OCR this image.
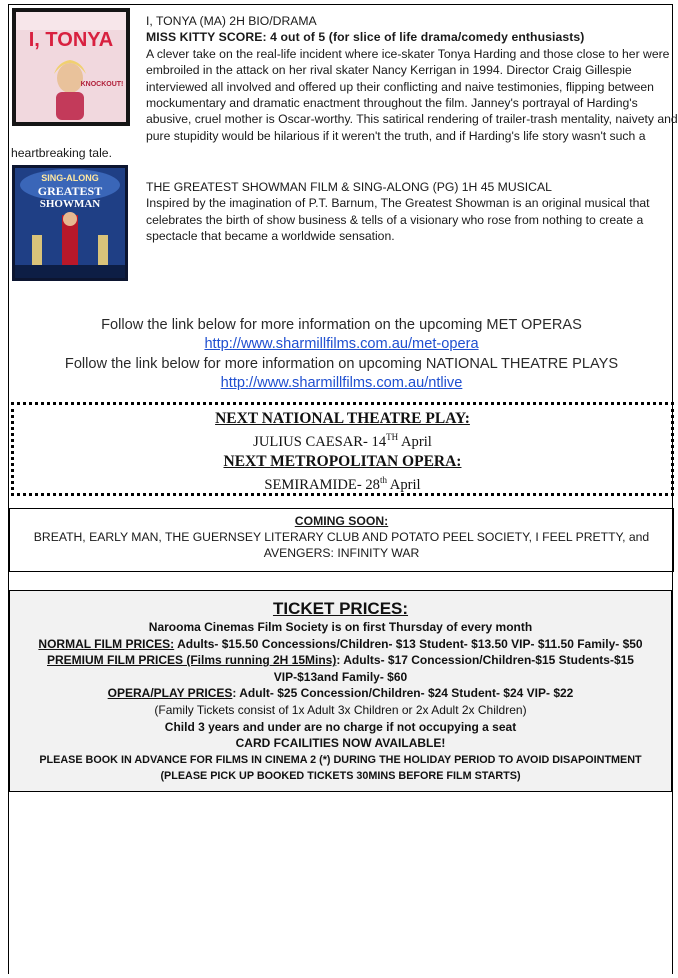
I, TONYA
KNOCKOUT!
SING-ALONG
GREATEST
SHOWMAN
I, TONYA (MA) 2H BIO/DRAMA
MISS KITTY SCORE: 4 out of 5 (for slice of life drama/comedy enthusiasts)
A clever take on the real-life incident where ice-skater Tonya Harding and those close to her were
embroiled in the attack on her rival skater Nancy Kerrigan in 1994. Director Craig Gillespie
interviewed all involved and offered up their conflicting and naive testimonies, flipping between
mockumentary and dramatic enactment throughout the film. Janney's portrayal of Harding's
abusive, cruel mother is Oscar-worthy. This satirical rendering of trailer-trash mentality, naivety and
pure stupidity would be hilarious if it weren't the truth, and if Harding's life story wasn't such a
heartbreaking tale.
THE GREATEST SHOWMAN FILM & SING-ALONG (PG) 1H 45 MUSICAL
Inspired by the imagination of P.T. Barnum, The Greatest Showman is an original musical that
celebrates the birth of show business & tells of a visionary who rose from nothing to create a
spectacle that became a worldwide sensation.
Follow the link below for more information on the upcoming MET OPERAS
http://www.sharmillfilms.com.au/met-opera
Follow the link below for more information on upcoming NATIONAL THEATRE PLAYS
http://www.sharmillfilms.com.au/ntlive
NEXT NATIONAL THEATRE PLAY:
JULIUS CAESAR- 14TH April
NEXT METROPOLITAN OPERA:
SEMIRAMIDE- 28th April
COMING SOON:
BREATH, EARLY MAN, THE GUERNSEY LITERARY CLUB AND POTATO PEEL SOCIETY, I FEEL PRETTY, and
AVENGERS: INFINITY WAR
TICKET PRICES:
Narooma Cinemas Film Society is on first Thursday of every month
NORMAL FILM PRICES: Adults- $15.50 Concessions/Children- $13 Student- $13.50 VIP- $11.50 Family- $50
PREMIUM FILM PRICES (Films running 2H 15Mins): Adults- $17 Concession/Children-$15 Students-$15
VIP-$13and Family- $60
OPERA/PLAY PRICES: Adult- $25 Concession/Children- $24 Student- $24 VIP- $22
(Family Tickets consist of 1x Adult 3x Children or 2x Adult 2x Children)
Child 3 years and under are no charge if not occupying a seat
CARD FCAILITIES NOW AVAILABLE!
PLEASE BOOK IN ADVANCE FOR FILMS IN CINEMA 2 (*) DURING THE HOLIDAY PERIOD TO AVOID DISAPOINTMENT
(PLEASE PICK UP BOOKED TICKETS 30MINS BEFORE FILM STARTS)
